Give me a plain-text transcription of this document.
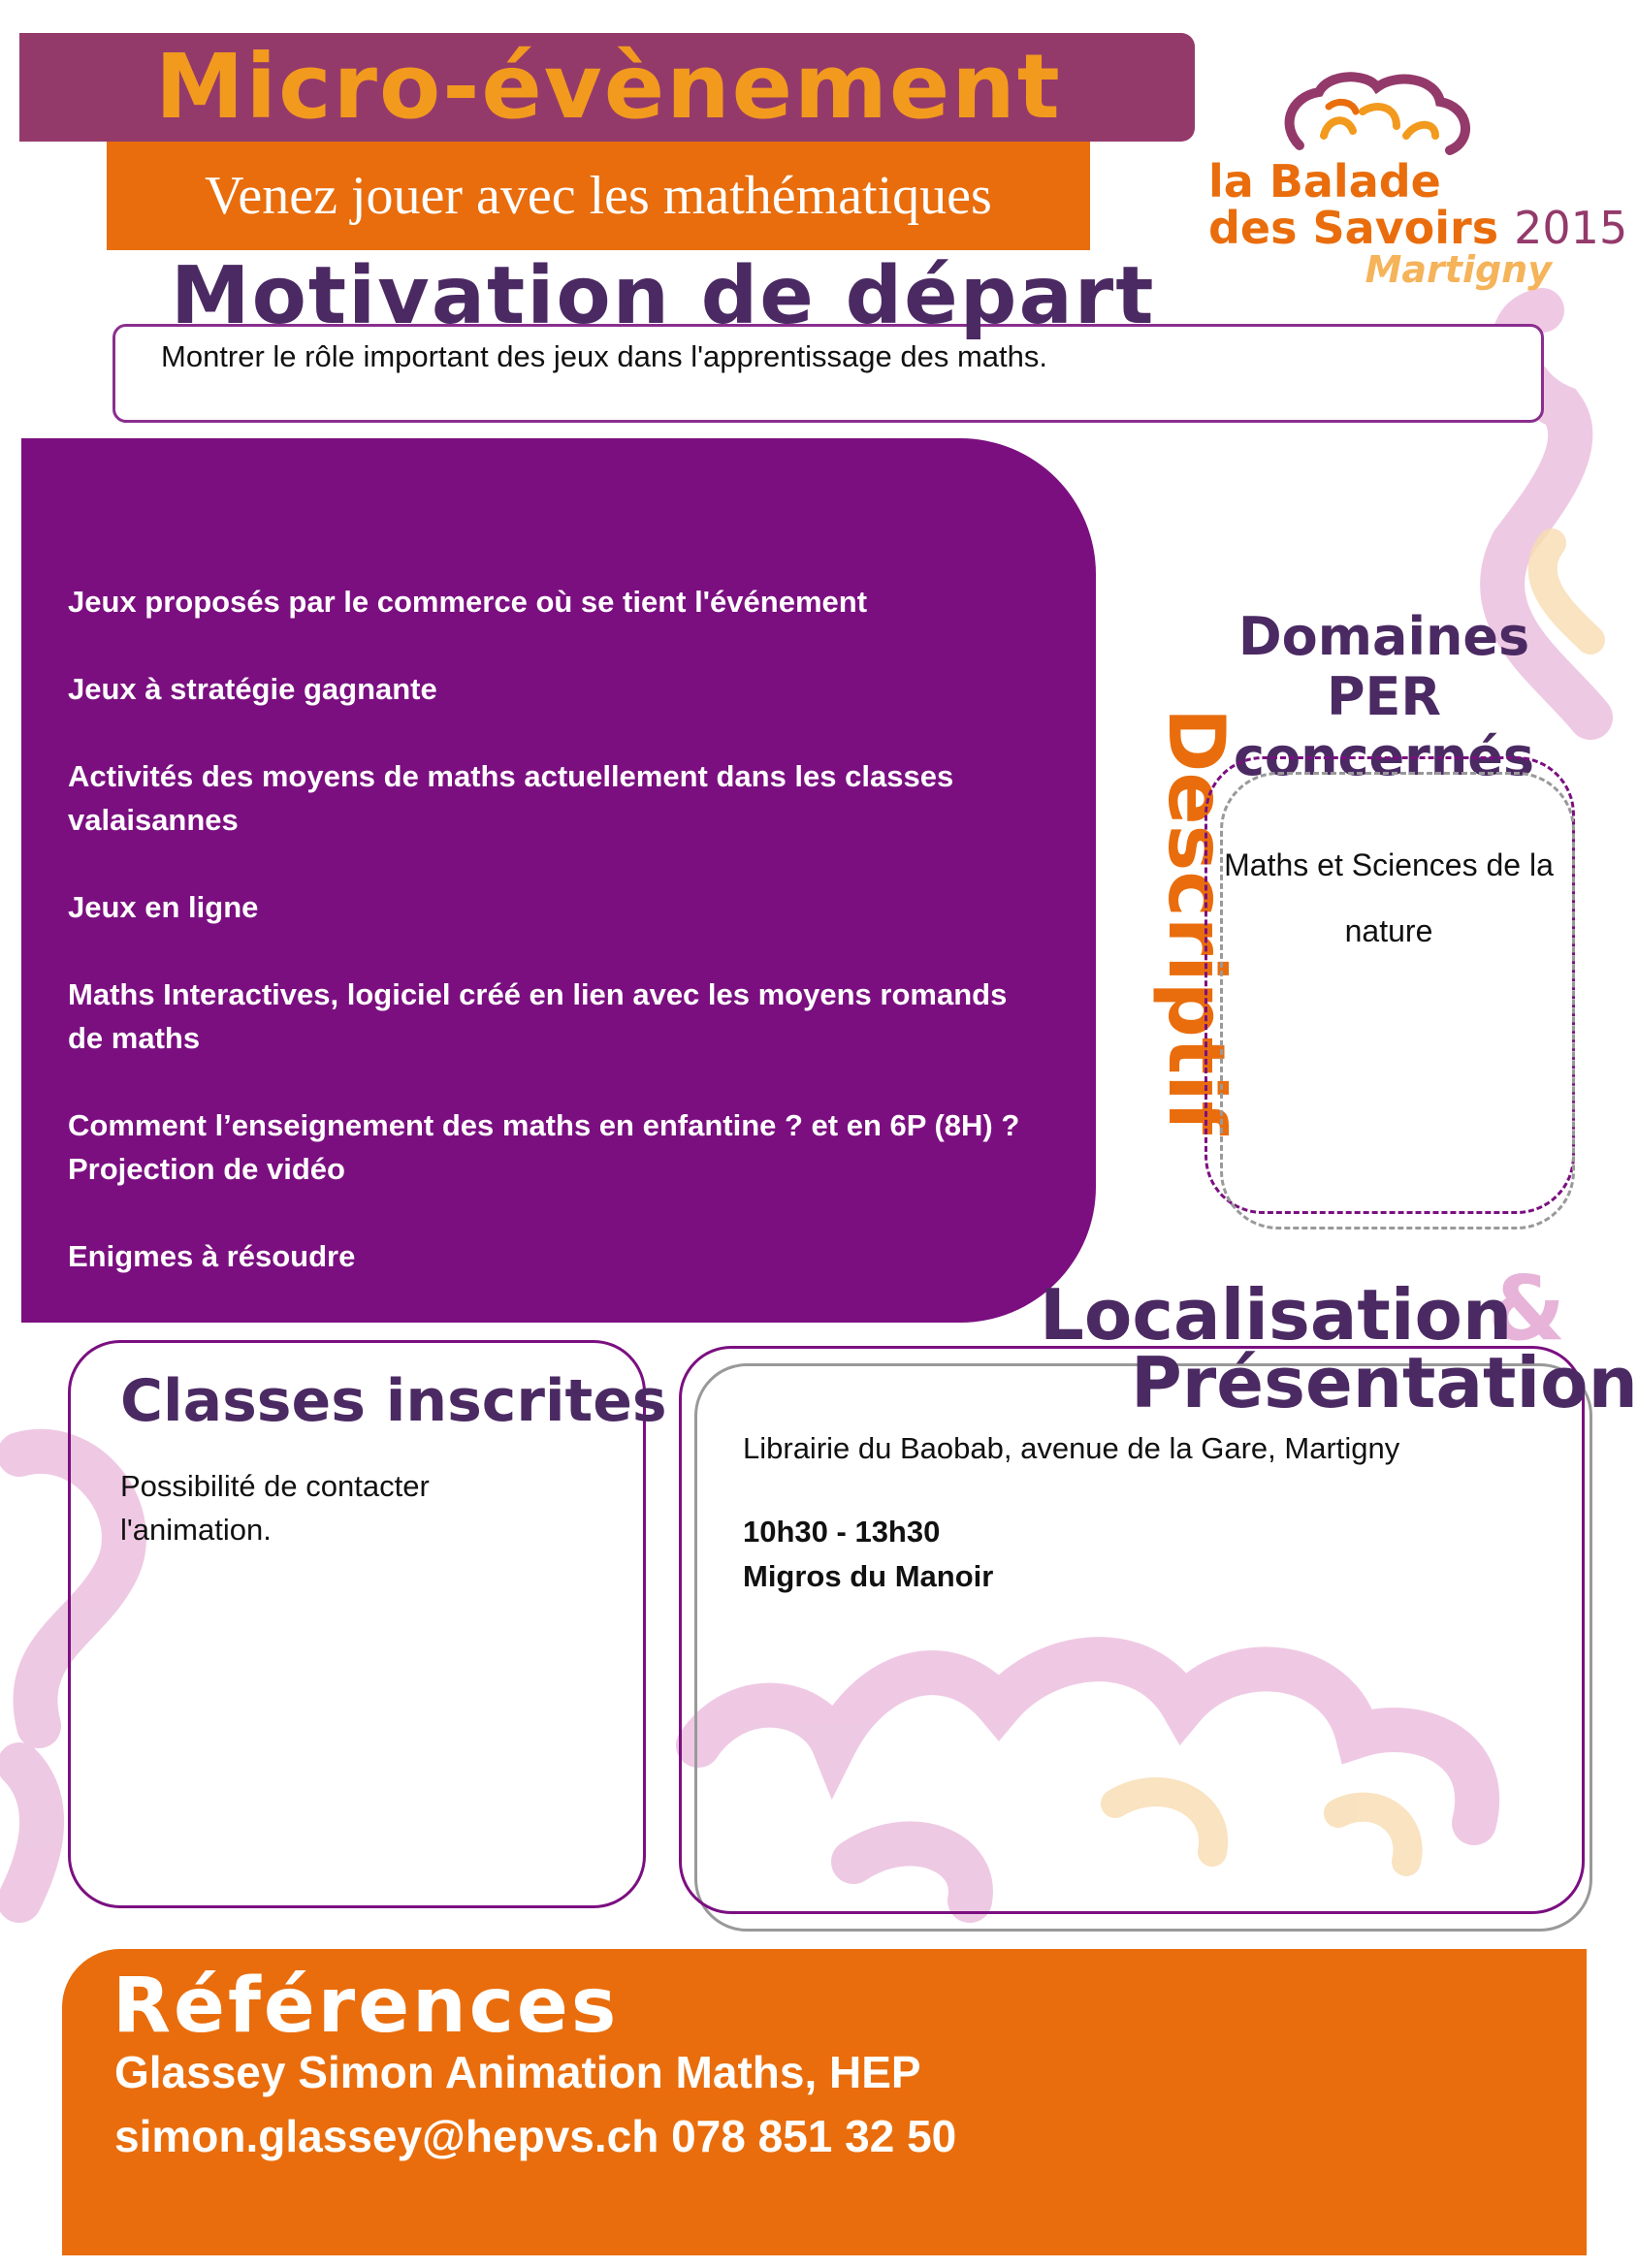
Micro-évènement
Venez jouer avec les mathématiques	la Balade
des Savoirs 2015
Martigny
Motivation de départ
Montrer le rôle important des jeux dans l'apprentissage des maths.
Jeux proposés par le commerce où se tient l'événement
Jeux à stratégie gagnante
Activités des moyens de maths actuellement dans les classes valaisannes
Jeux en ligne
Maths Interactives, logiciel créé en lien avec les moyens romands de maths
Comment l’enseignement des maths en enfantine ? et en 6P (8H) ? Projection de vidéo
Enigmes à résoudre
Descriptif
Domaines PER concernés
Maths et Sciences de la nature
&
Localisation
Présentation
Classes inscrites
Possibilité de contacter l'animation.
Librairie du Baobab, avenue de la Gare, Martigny
10h30 - 13h30
Migros du Manoir
Références
Glassey Simon Animation Maths, HEP
simon.glassey@hepvs.ch 078 851 32 50
